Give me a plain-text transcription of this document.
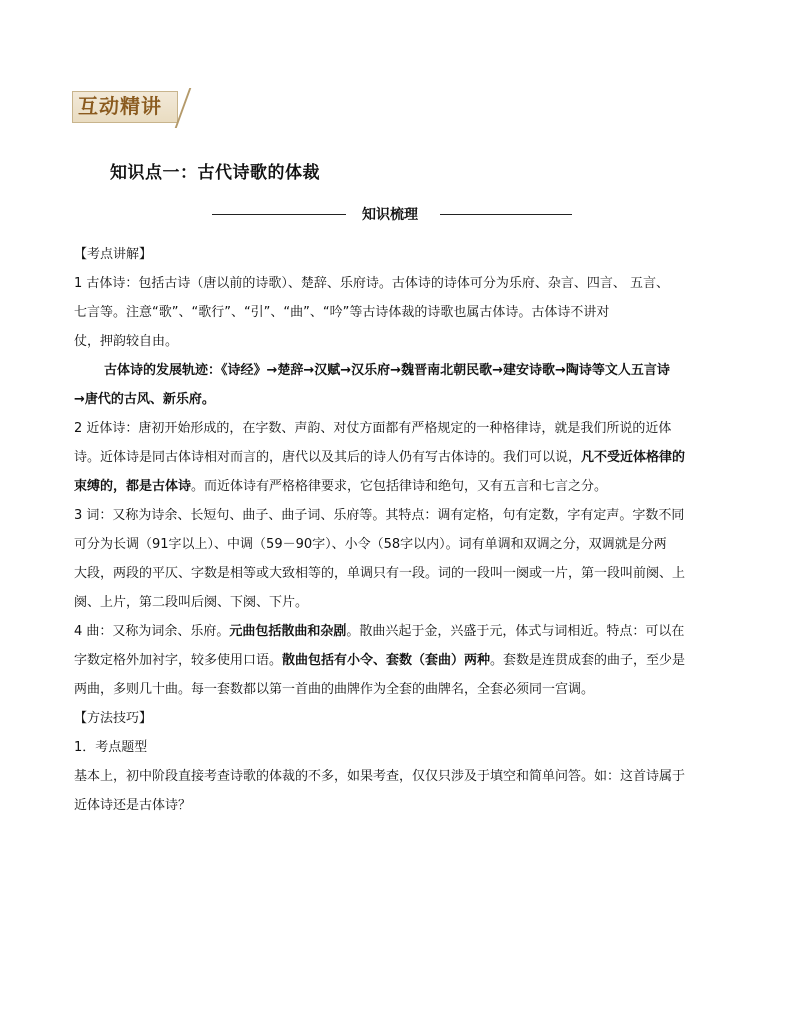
互动精讲
知识点一：古代诗歌的体裁
知识梳理

【考点讲解】

1 古体诗：包括古诗（唐以前的诗歌）、楚辞、乐府诗。古体诗的诗体可分为乐府、杂言、四言、 五言、

七言等。注意“歌”、“歌行”、“引”、“曲”、“吟”等古诗体裁的诗歌也属古体诗。古体诗不讲对

仗，押韵较自由。

古体诗的发展轨迹：《诗经》→楚辞→汉赋→汉乐府→魏晋南北朝民歌→建安诗歌→陶诗等文人五言诗

→唐代的古风、新乐府。

2 近体诗：唐初开始形成的，在字数、声韵、对仗方面都有严格规定的一种格律诗，就是我们所说的近体

诗。近体诗是同古体诗相对而言的，唐代以及其后的诗人仍有写古体诗的。我们可以说，凡不受近体格律的

束缚的，都是古体诗。而近体诗有严格格律要求，它包括律诗和绝句，又有五言和七言之分。

3 词：又称为诗余、长短句、曲子、曲子词、乐府等。其特点：调有定格，句有定数，字有定声。字数不同

可分为长调（91字以上）、中调（59－90字）、小令（58字以内）。词有单调和双调之分，双调就是分两

大段，两段的平仄、字数是相等或大致相等的，单调只有一段。词的一段叫一阕或一片，第一段叫前阕、上

阕、上片，第二段叫后阕、下阕、下片。

4 曲：又称为词余、乐府。元曲包括散曲和杂剧。散曲兴起于金，兴盛于元，体式与词相近。特点：可以在

字数定格外加衬字，较多使用口语。散曲包括有小令、套数（套曲）两种。套数是连贯成套的曲子，至少是

两曲，多则几十曲。每一套数都以第一首曲的曲牌作为全套的曲牌名，全套必须同一宫调。

【方法技巧】

1．考点题型

基本上，初中阶段直接考查诗歌的体裁的不多，如果考查，仅仅只涉及于填空和简单问答。如：这首诗属于

近体诗还是古体诗？
